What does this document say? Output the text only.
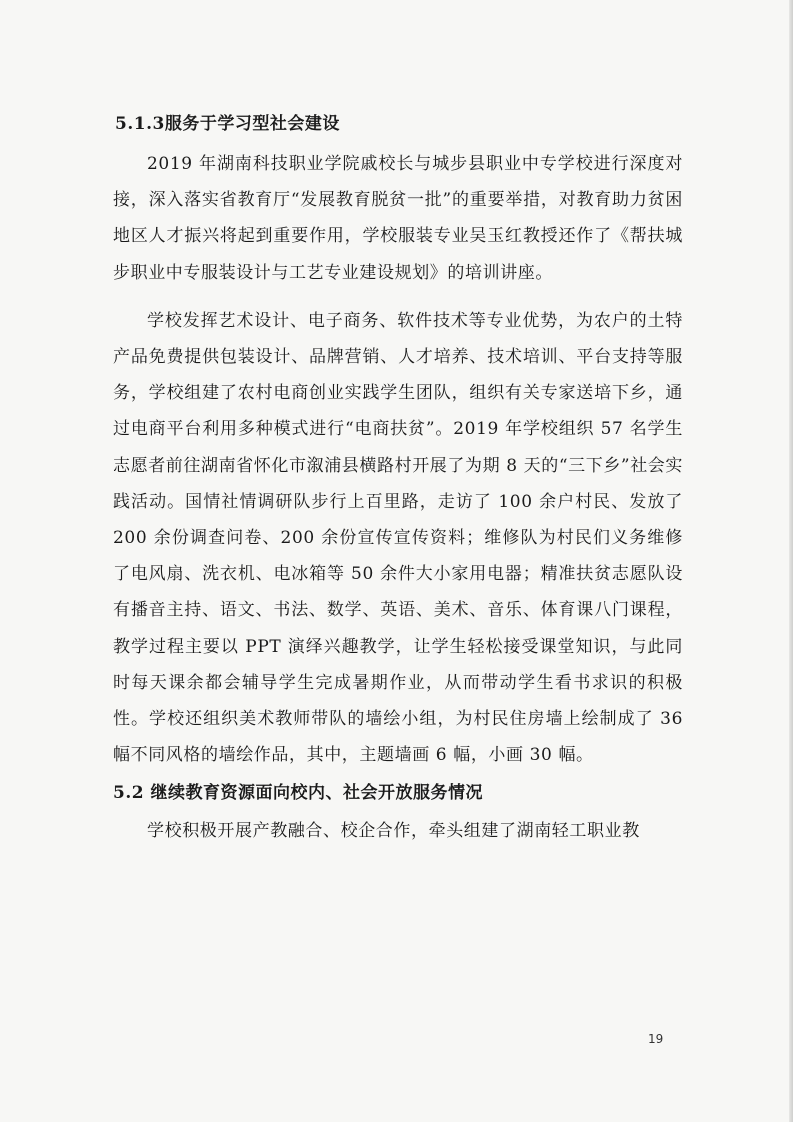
5.1.3服务于学习型社会建设

2019 年湖南科技职业学院戚校长与城步县职业中专学校进行深度对接，深入落实省教育厅“发展教育脱贫一批”的重要举措，对教育助力贫困地区人才振兴将起到重要作用，学校服装专业吴玉红教授还作了《帮扶城步职业中专服装设计与工艺专业建设规划》的培训讲座。

学校发挥艺术设计、电子商务、软件技术等专业优势，为农户的土特产品免费提供包装设计、品牌营销、人才培养、技术培训、平台支持等服务，学校组建了农村电商创业实践学生团队，组织有关专家送培下乡，通过电商平台利用多种模式进行“电商扶贫”。2019 年学校组织 57 名学生志愿者前往湖南省怀化市溆浦县横路村开展了为期 8 天的“三下乡”社会实践活动。国情社情调研队步行上百里路，走访了 100 余户村民、发放了 200 余份调查问卷、200 余份宣传宣传资料；维修队为村民们义务维修了电风扇、洗衣机、电冰箱等 50 余件大小家用电器；精准扶贫志愿队设有播音主持、语文、书法、数学、英语、美术、音乐、体育课八门课程，教学过程主要以 PPT 演绎兴趣教学，让学生轻松接受课堂知识，与此同时每天课余都会辅导学生完成暑期作业，从而带动学生看书求识的积极性。学校还组织美术教师带队的墙绘小组，为村民住房墙上绘制成了 36 幅不同风格的墙绘作品，其中，主题墙画 6 幅，小画 30 幅。

5.2 继续教育资源面向校内、社会开放服务情况

学校积极开展产教融合、校企合作，牵头组建了湖南轻工职业教

19
